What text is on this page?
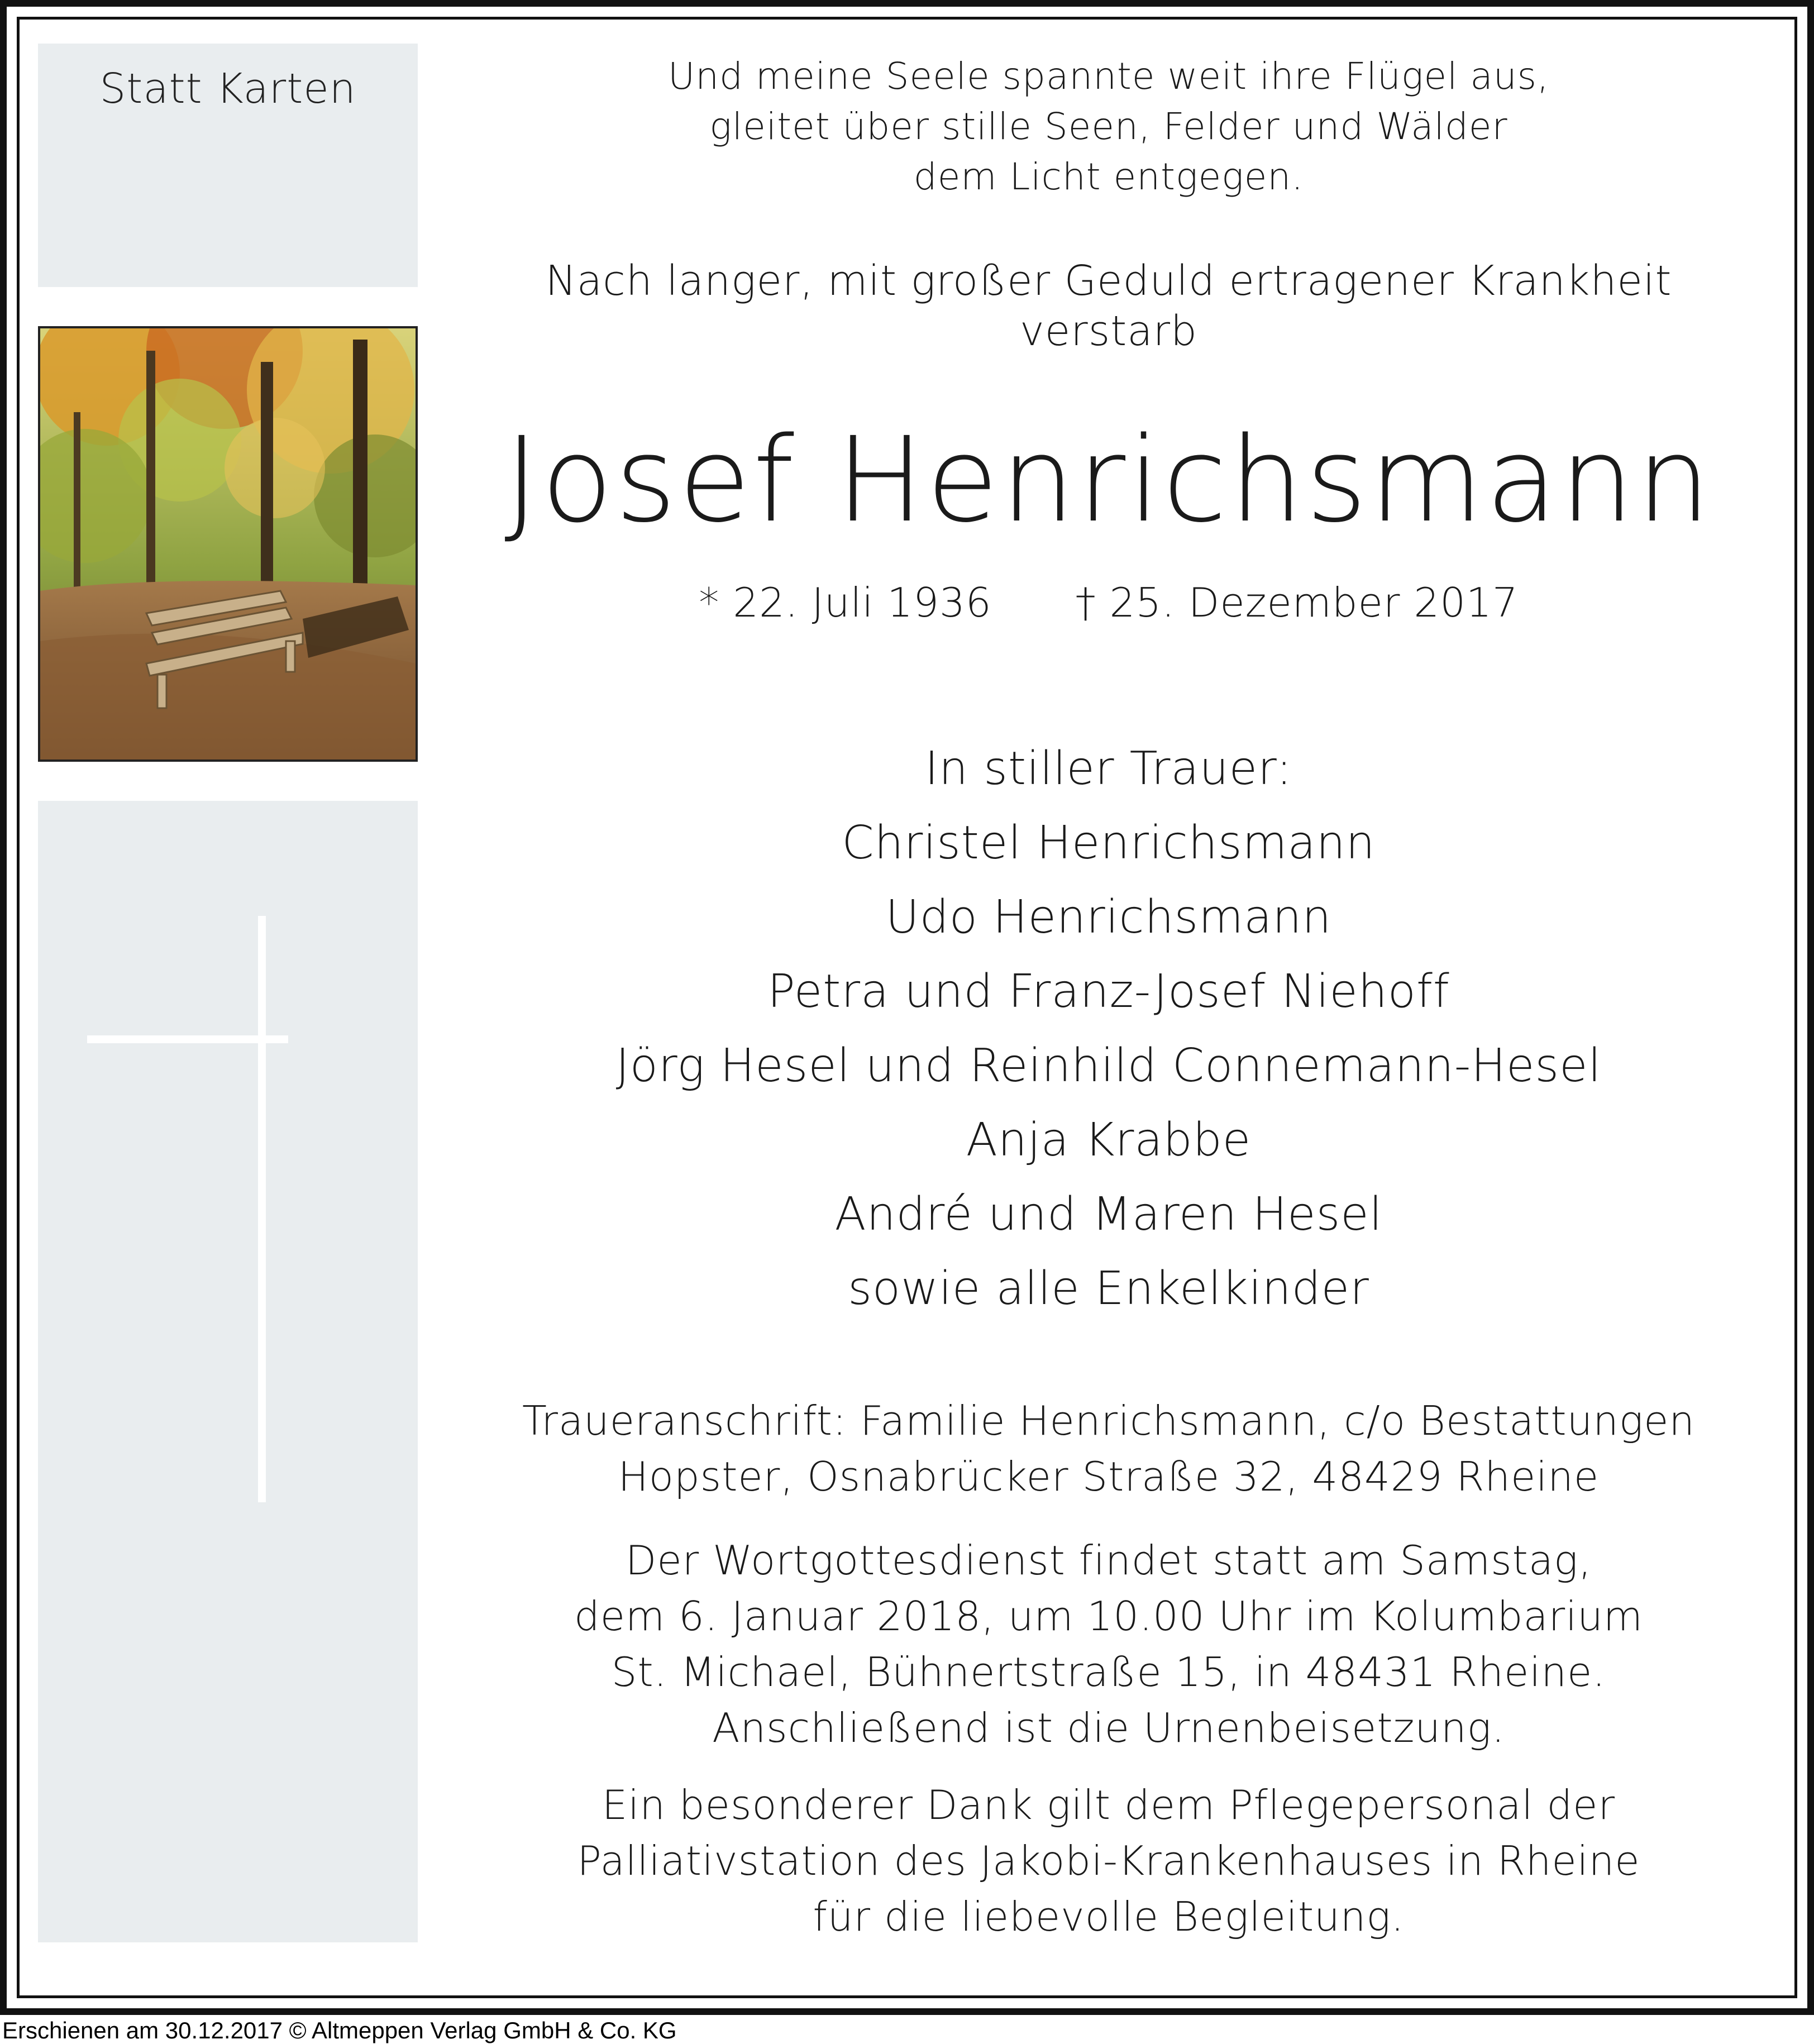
Statt Karten	Und meine Seele spannte weit ihre Flügel aus,
gleitet über stille Seen, Felder und Wälder
dem Licht entgegen.
Nach langer, mit großer Geduld ertragener Krankheit verstarb
Josef Henrichsmann
* 22. Juli 1936 † 25. Dezember 2017
In stiller Trauer:
Christel Henrichsmann
Udo Henrichsmann
Petra und Franz-Josef Niehoff
Jörg Hesel und Reinhild Connemann-Hesel
Anja Krabbe
André und Maren Hesel
sowie alle Enkelkinder
Traueranschrift: Familie Henrichsmann, c/o Bestattungen
Hopster, Osnabrücker Straße 32, 48429 Rheine
Der Wortgottesdienst findet statt am Samstag,
dem 6. Januar 2018, um 10.00 Uhr im Kolumbarium
St. Michael, Bühnertstraße 15, in 48431 Rheine.
Anschließend ist die Urnenbeisetzung.
Ein besonderer Dank gilt dem Pflegepersonal der
Palliativstation des Jakobi-Krankenhauses in Rheine
für die liebevolle Begleitung.
Erschienen am 30.12.2017 © Altmeppen Verlag GmbH & Co. KG
